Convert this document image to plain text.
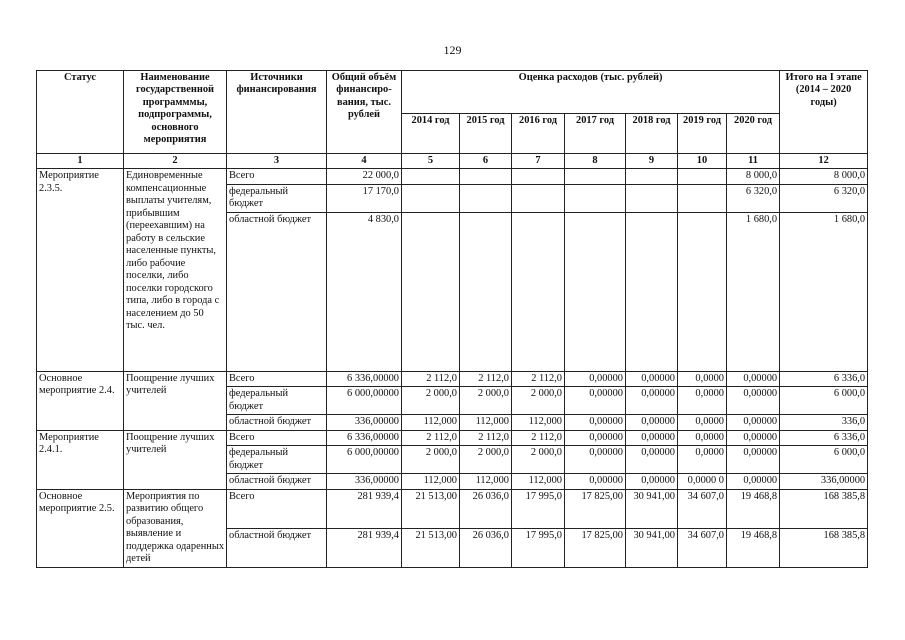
129
Статус	Наименование государственной программмы, подпрограммы, основного мероприятия	Источники финансирования	Общий объём финансиро-вания, тыс. рублей	Оценка расходов (тыс. рублей)							Итого на I этапе (2014 – 2020 годы)
				2014 год	2015 год	2016 год	2017 год	2018 год	2019 год	2020 год	
1	2	3	4	5	6	7	8	9	10	11	12
Мероприятие 2.3.5.	Единовременные компенсационные выплаты учителям, прибывшим (переехавшим) на работу в сельские населенные пункты, либо рабочие поселки, либо поселки городского типа, либо в города с населением до 50 тыс. чел.	Всего	22 000,0							8 000,0	8 000,0
		федеральный бюджет	17 170,0							6 320,0	6 320,0
		областной бюджет	4 830,0							1 680,0	1 680,0
Основное мероприятие 2.4.	Поощрение лучших учителей	Всего	6 336,00000	2 112,0	2 112,0	2 112,0	0,00000	0,00000	0,0000	0,00000	6 336,0
		федеральный бюджет	6 000,00000	2 000,0	2 000,0	2 000,0	0,00000	0,00000	0,0000	0,00000	6 000,0
		областной бюджет	336,00000	112,000	112,000	112,000	0,00000	0,00000	0,0000	0,00000	336,0
Мероприятие 2.4.1.	Поощрение лучших учителей	Всего	6 336,00000	2 112,0	2 112,0	2 112,0	0,00000	0,00000	0,0000	0,00000	6 336,0
		федеральный бюджет	6 000,00000	2 000,0	2 000,0	2 000,0	0,00000	0,00000	0,0000	0,00000	6 000,0
		областной бюджет	336,00000	112,000	112,000	112,000	0,00000	0,00000	0,0000 0	0,00000	336,00000
Основное мероприятие 2.5.	Мероприятия по развитию общего образования, выявление и поддержка одаренных детей	Всего	281 939,4	21 513,00	26 036,0	17 995,0	17 825,00	30 941,00	34 607,0	19 468,8	168 385,8
		областной бюджет	281 939,4	21 513,00	26 036,0	17 995,0	17 825,00	30 941,00	34 607,0	19 468,8	168 385,8
